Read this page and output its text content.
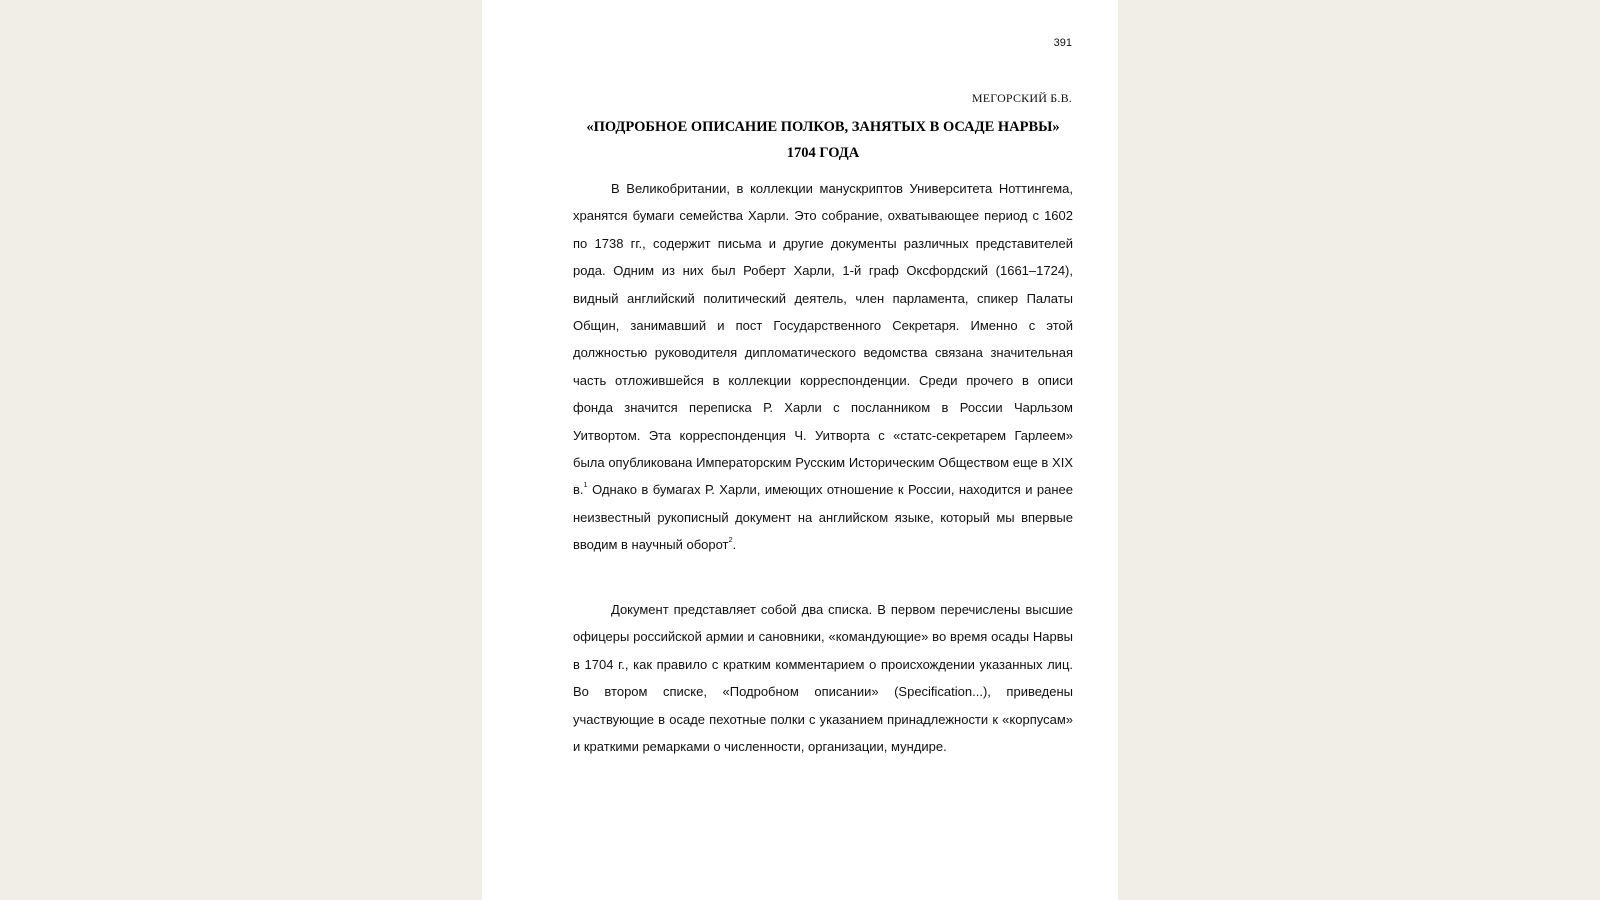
391
МЕГОРСКИЙ Б.В.
«ПОДРОБНОЕ ОПИСАНИЕ ПОЛКОВ, ЗАНЯТЫХ В ОСАДЕ НАРВЫ»
1704 ГОДА

В Великобритании, в коллекции манускриптов Университета Ноттингема, хранятся бумаги семейства Харли. Это собрание, охватывающее период с 1602 по 1738 гг., содержит письма и другие документы различных представителей рода. Одним из них был Роберт Харли, 1-й граф Оксфордский (1661–1724), видный английский политический деятель, член парламента, спикер Палаты Общин, занимавший и пост Государственного Секретаря. Именно с этой должностью руководителя дипломатического ведомства связана значительная часть отложившейся в коллекции корреспонденции. Среди прочего в описи фонда значится переписка Р. Харли с посланником в России Чарльзом Уитвортом. Эта корреспонденция Ч. Уитворта с «статс-секретарем Гарлеем» была опубликована Императорским Русским Историческим Обществом еще в XIX в.$^1$ Однако в бумагах Р. Харли, имеющих отношение к России, находится и ранее неизвестный рукописный документ на английском языке, который мы впервые вводим в научный оборот$^2$.

Документ представляет собой два списка. В первом перечислены высшие офицеры российской армии и сановники, «командующие» во время осады Нарвы в 1704 г., как правило с кратким комментарием о происхождении указанных лиц. Во втором списке, «Подробном описании» (Specification...), приведены участвующие в осаде пехотные полки с указанием принадлежности к «корпусам» и краткими ремарками о численности, организации, мундире.
